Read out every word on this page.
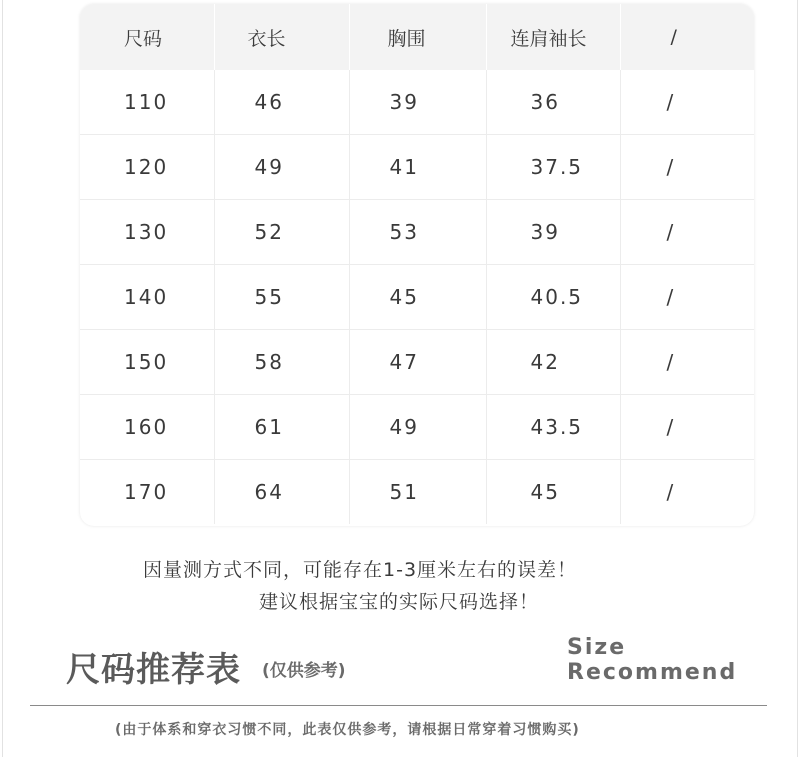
尺码	衣长	胸围	连肩袖长	/
110	46	39	36	/
120	49	41	37.5	/
130	52	53	39	/
140	55	45	40.5	/
150	58	47	42	/
160	61	49	43.5	/
170	64	51	45	/
因量测方式不同，可能存在1-3厘米左右的误差！
建议根据宝宝的实际尺码选择！
尺码推荐表 (仅供参考)
Size
Recommend
(由于体系和穿衣习惯不同，此表仅供参考，请根据日常穿着习惯购买)
